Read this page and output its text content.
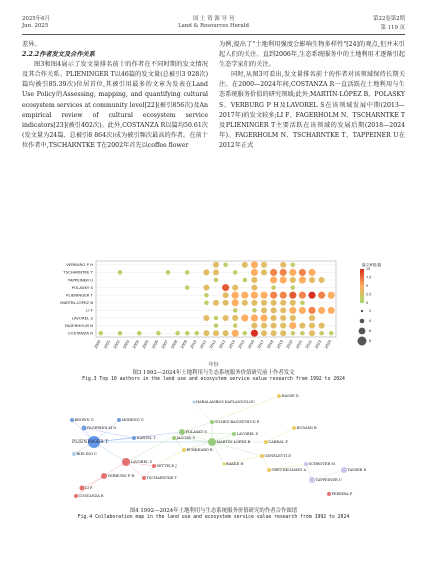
2025年6月
Jun. 2025
国 土 资 源 导 刊
Land & Resources Herald
第22卷第2期
第 119 页

差异。

2.2.2作者发文及合作关系

图3和图4展示了发文量排名前十的作者在不同时期的发文情况及其合作关系。PLIENINGER T以46篇的发文量(总被引3 928次)篇均被引85.39次)位居首位,其被引用最多的文章为发表在Land Use Policy的Assessing, mapping, and quantifying cultural ecosystem services at community level[22](被引856次)及An empirical review of cultural ecosystem service indicators[23](被引402次)。此外,COSTANZA R以篇均50.61次(发文量为24篇、总被引8 864次)成为被引频次最高的作者。在前十位作者中,TSCHARNTKE T在2002年首先以coffee flower

为例,提出了"土地利用强度会影响生物多样性"[24]的观点,但并未引起人们的关注。直到2006年,生态系统服务中的土地利用才逐渐引起生态学家们的关注。

同时,从图3可看出,发文量排名前十的作者对该领域保持长期关注。在2000—2024年间,COSTANZA R一直活跃在土地利用与生态系统服务价值的研究领域;此外,MARTÍN-LÓPEZ B、POLASKY S、VERBURG P H及LAVOREL S在该领域发展中期(2013—2017年)的发文较多;LI F、FAGERHOLM N、TSCHARNTKE T及PLIENINGER T主要活跃在该领域的发展后期(2018—2024年)。FAGERHOLM N、TSCHARNTKE T、TAPPEINER U在2012年正式

VERBURG P H
TSCHARNTKE T
TAPPEINER U
POLASKY S
PLIENINGER T
MARTÍN-LÓPEZ B
LI F
LAVOREL S
FAGERHOLM N
COSTANZA R
2000 2001 2002 2003 2004 2005 2006 2007 2008 2009 2010 2011 2012 2013 2014 2015 2016 2017 2018 2019 2020 2021 2022 2023 2024
10
7.5
5
2.5
0
2
4
6
8
篇文章数/篇
年份
图3 1992—2024年土地利用与生态系统服务价值研究前十作者发文
Fig.3 Top 10 authors in the land use and ecosystem service value research from 1992 to 2024
HASSE D
HARALAMBOS KAPLANOGLOU
BROWN G	MORENO G
FAGERHOLM N
GOMEZ-BAGGETHUN E
POLASKY S
HARTEL T
PLIENINGER T
LAVOREL S
JACOBS S
MARTÍN-LÓPEZ B	CABRAL P
BURKHARD B
RUDAMI B
BIELING C	GENELETTI D
BAKKE H
GRET-REGAMEY A
SCHROTER M
TAPPEINER U
TASSER E
LAVOREL S
SETTELE J
VERBURG P H	TSCHARNTKE T
LI F
COSTANZA R	PEREIRA P
图4 1992—2024年土地利用与生态系统服务价值研究的作者合作图谱
Fig.4 Collaboration map in the land use and ecosystem service value research from 1992 to 2024
